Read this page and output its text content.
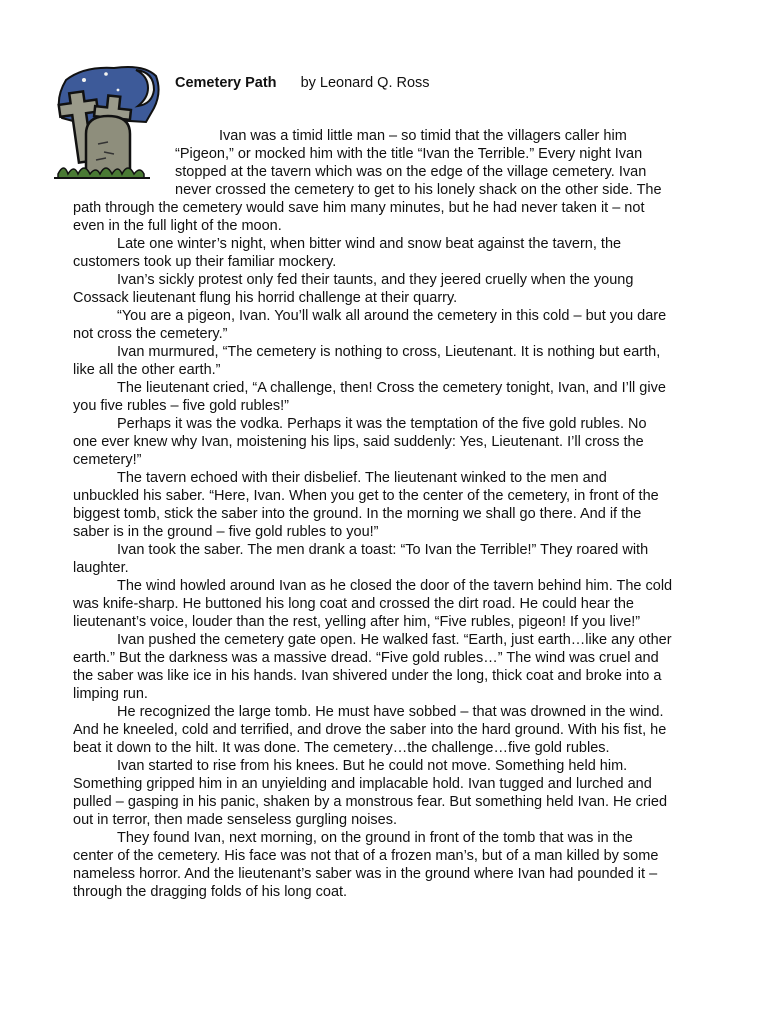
Cemetery Path by Leonard Q. Ross
Ivan was a timid little man – so timid that the villagers caller him
“Pigeon,” or mocked him with the title “Ivan the Terrible.” Every night Ivan
stopped at the tavern which was on the edge of the village cemetery. Ivan
never crossed the cemetery to get to his lonely shack on the other side. The
path through the cemetery would save him many minutes, but he had never taken it – not
even in the full light of the moon.
Late one winter’s night, when bitter wind and snow beat against the tavern, the
customers took up their familiar mockery.
Ivan’s sickly protest only fed their taunts, and they jeered cruelly when the young
Cossack lieutenant flung his horrid challenge at their quarry.
“You are a pigeon, Ivan. You’ll walk all around the cemetery in this cold – but you dare
not cross the cemetery.”
Ivan murmured, “The cemetery is nothing to cross, Lieutenant. It is nothing but earth,
like all the other earth.”
The lieutenant cried, “A challenge, then! Cross the cemetery tonight, Ivan, and I’ll give
you five rubles – five gold rubles!”
Perhaps it was the vodka. Perhaps it was the temptation of the five gold rubles. No
one ever knew why Ivan, moistening his lips, said suddenly: Yes, Lieutenant. I’ll cross the
cemetery!”
The tavern echoed with their disbelief. The lieutenant winked to the men and
unbuckled his saber. “Here, Ivan. When you get to the center of the cemetery, in front of the
biggest tomb, stick the saber into the ground. In the morning we shall go there. And if the
saber is in the ground – five gold rubles to you!”
Ivan took the saber. The men drank a toast: “To Ivan the Terrible!” They roared with
laughter.
The wind howled around Ivan as he closed the door of the tavern behind him. The cold
was knife-sharp. He buttoned his long coat and crossed the dirt road. He could hear the
lieutenant’s voice, louder than the rest, yelling after him, “Five rubles, pigeon! If you live!”
Ivan pushed the cemetery gate open. He walked fast. “Earth, just earth…like any other
earth.” But the darkness was a massive dread. “Five gold rubles…” The wind was cruel and
the saber was like ice in his hands. Ivan shivered under the long, thick coat and broke into a
limping run.
He recognized the large tomb. He must have sobbed – that was drowned in the wind.
And he kneeled, cold and terrified, and drove the saber into the hard ground. With his fist, he
beat it down to the hilt. It was done. The cemetery…the challenge…five gold rubles.
Ivan started to rise from his knees. But he could not move. Something held him.
Something gripped him in an unyielding and implacable hold. Ivan tugged and lurched and
pulled – gasping in his panic, shaken by a monstrous fear. But something held Ivan. He cried
out in terror, then made senseless gurgling noises.
They found Ivan, next morning, on the ground in front of the tomb that was in the
center of the cemetery. His face was not that of a frozen man’s, but of a man killed by some
nameless horror. And the lieutenant’s saber was in the ground where Ivan had pounded it –
through the dragging folds of his long coat.
